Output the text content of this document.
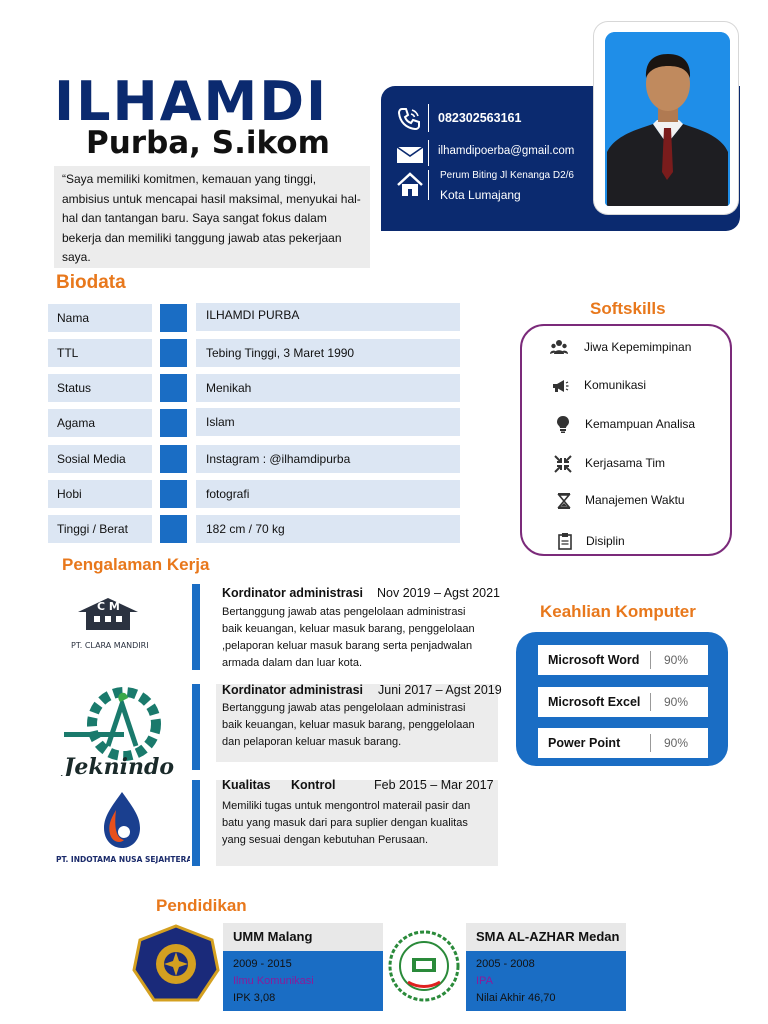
ILHAMDI
Purba, S.ikom
“Saya memiliki komitmen, kemauan yang tinggi, ambisius untuk mencapai hasil maksimal, menyukai hal-hal dan tantangan baru. Saya sangat fokus dalam bekerja dan memiliki tanggung jawab atas pekerjaan saya.
082302563161
ilhamdipoerba@gmail.com
Perum Biting Jl Kenanga D2/6
Kota Lumajang
Biodata
Nama	ILHAMDI PURBA
TTL	Tebing Tinggi, 3 Maret 1990
Status	Menikah
Agama	Islam
Sosial Media	Instagram : @ilhamdipurba
Hobi	fotografi
Tinggi / Berat	182 cm / 70 kg
Softskills
Jiwa Kepemimpinan
Komunikasi
Kemampuan Analisa
Kerjasama Tim
Manajemen Waktu
Disiplin
Pengalaman Kerja
C M
PT. CLARA MANDIRI
Kordinator administrasi Nov 2019 – Agst 2021
Bertanggung jawab atas pengelolaan administrasi
baik keuangan, keluar masuk barang, penggelolaan
,pelaporan keluar masuk barang serta penjadwalan
armada dalam dan luar kota.
Jeknindo
Kordinator administrasi Juni 2017 – Agst 2019
Bertanggung jawab atas pengelolaan administrasi
baik keuangan, keluar masuk barang, penggelolaan
dan pelaporan keluar masuk barang.
PT. INDOTAMA NUSA SEJAHTERA
Kualitas Kontrol	Feb 2015 – Mar 2017
Memiliki tugas untuk mengontrol materail pasir dan
batu yang masuk dari para suplier dengan kualitas
yang sesuai dengan kebutuhan Perusaan.
Keahlian Komputer
Microsoft Word 90%
Microsoft Excel 90%
Power Point	90%
Pendidikan
UMM Malang
2009 - 2015
Ilmu Komunikasi
IPK 3,08
SMA AL-AZHAR Medan
2005 - 2008
IPA
Nilai Akhir 46,70
